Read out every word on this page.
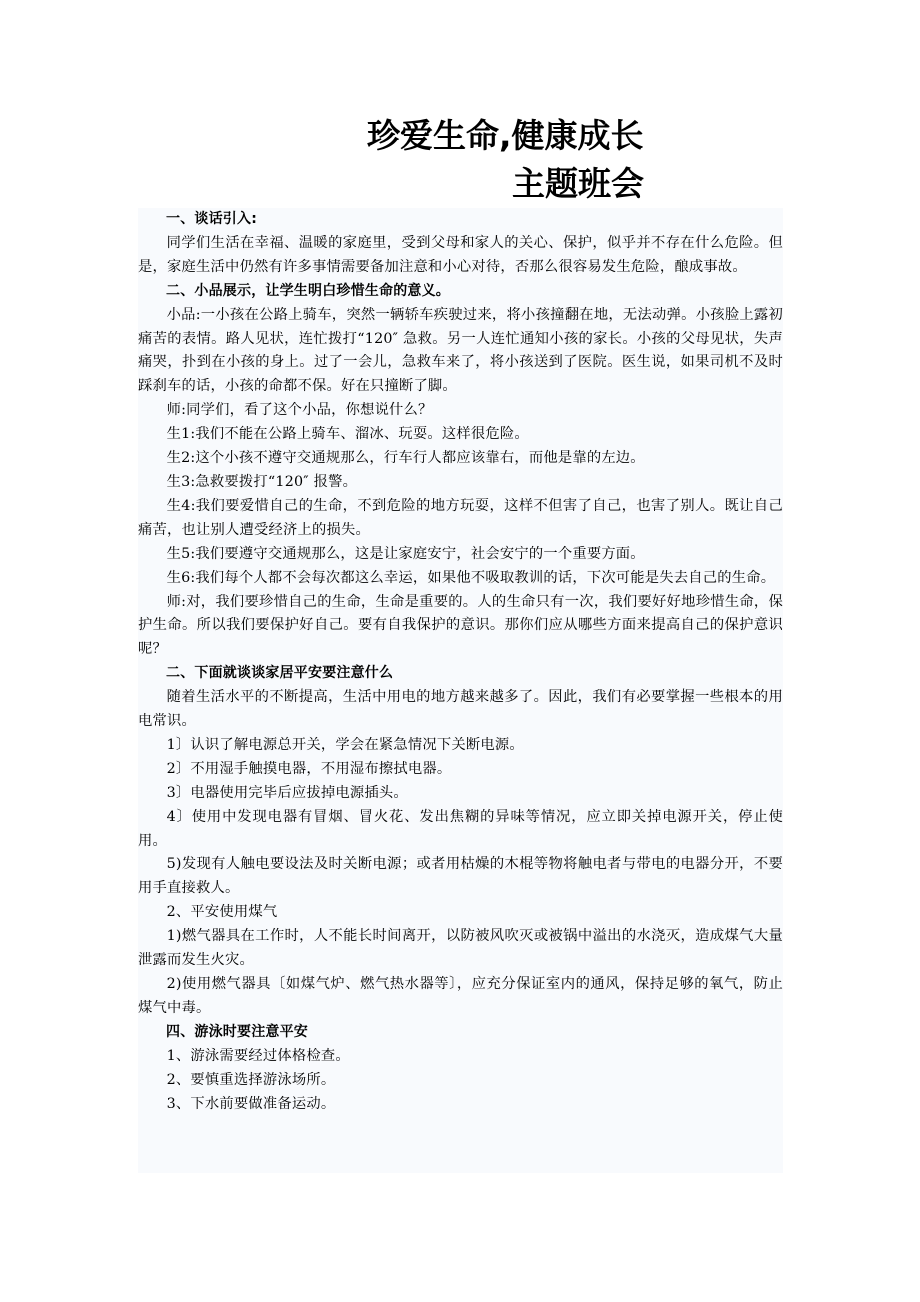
珍爱生命,健康成长
主题班会

一、谈话引入:

同学们生活在幸福、温暖的家庭里，受到父母和家人的关心、保护，似乎并不存在什么危险。但是，家庭生活中仍然有许多事情需要备加注意和小心对待，否那么很容易发生危险，酿成事故。

二、小品展示，让学生明白珍惜生命的意义。

小品:一小孩在公路上骑车，突然一辆轿车疾驶过来，将小孩撞翻在地，无法动弹。小孩脸上露初痛苦的表情。路人见状，连忙拨打“120″ 急救。另一人连忙通知小孩的家长。小孩的父母见状，失声痛哭，扑到在小孩的身上。过了一会儿，急救车来了，将小孩送到了医院。医生说，如果司机不及时踩刹车的话，小孩的命都不保。好在只撞断了脚。

师:同学们，看了这个小品，你想说什么？

生1:我们不能在公路上骑车、溜冰、玩耍。这样很危险。

生2:这个小孩不遵守交通规那么，行车行人都应该靠右，而他是靠的左边。

生3:急救要拨打“120″ 报警。

生4:我们要爱惜自己的生命，不到危险的地方玩耍，这样不但害了自己，也害了别人。既让自己痛苦，也让别人遭受经济上的损失。

生5:我们要遵守交通规那么，这是让家庭安宁，社会安宁的一个重要方面。

生6:我们每个人都不会每次都这么幸运，如果他不吸取教训的话，下次可能是失去自己的生命。

师:对，我们要珍惜自己的生命，生命是重要的。人的生命只有一次，我们要好好地珍惜生命，保护生命。所以我们要保护好自己。要有自我保护的意识。那你们应从哪些方面来提高自己的保护意识呢？

二、下面就谈谈家居平安要注意什么

随着生活水平的不断提高，生活中用电的地方越来越多了。因此，我们有必要掌握一些根本的用电常识。

1〕认识了解电源总开关，学会在紧急情况下关断电源。

2〕不用湿手触摸电器，不用湿布擦拭电器。

3〕电器使用完毕后应拔掉电源插头。

4〕使用中发现电器有冒烟、冒火花、发出焦糊的异味等情况，应立即关掉电源开关，停止使用。

5)发现有人触电要设法及时关断电源；或者用枯燥的木棍等物将触电者与带电的电器分开，不要用手直接救人。

2、平安使用煤气

1)燃气器具在工作时，人不能长时间离开，以防被风吹灭或被锅中溢出的水浇灭，造成煤气大量泄露而发生火灾。

2)使用燃气器具〔如煤气炉、燃气热水器等〕，应充分保证室内的通风，保持足够的氧气，防止煤气中毒。

四、游泳时要注意平安

1、游泳需要经过体格检查。

2、要慎重选择游泳场所。

3、下水前要做准备运动。
